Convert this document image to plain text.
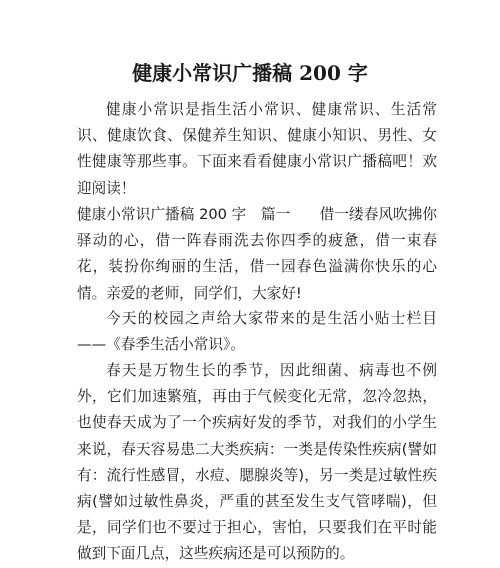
健康小常识广播稿 200 字

健康小常识是指生活小常识、健康常识、生活常识、健康饮食、保健养生知识、健康小知识、男性、女性健康等那些事。下面来看看健康小常识广播稿吧！欢迎阅读！

健康小常识广播稿 200 字　篇一　　借一缕春风吹拂你驿动的心，借一阵春雨洗去你四季的疲惫，借一束春花，装扮你绚丽的生活，借一园春色溢满你快乐的心情。亲爱的老师，同学们，大家好!

今天的校园之声给大家带来的是生活小贴士栏目——《春季生活小常识》。

春天是万物生长的季节，因此细菌、病毒也不例外，它们加速繁殖，再由于气候变化无常，忽冷忽热，也使春天成为了一个疾病好发的季节，对我们的小学生来说，春天容易患二大类疾病：一类是传染性疾病(譬如有：流行性感冒，水痘、腮腺炎等)，另一类是过敏性疾病(譬如过敏性鼻炎，严重的甚至发生支气管哮喘)，但是，同学们也不要过于担心，害怕，只要我们在平时能做到下面几点，这些疾病还是可以预防的。
